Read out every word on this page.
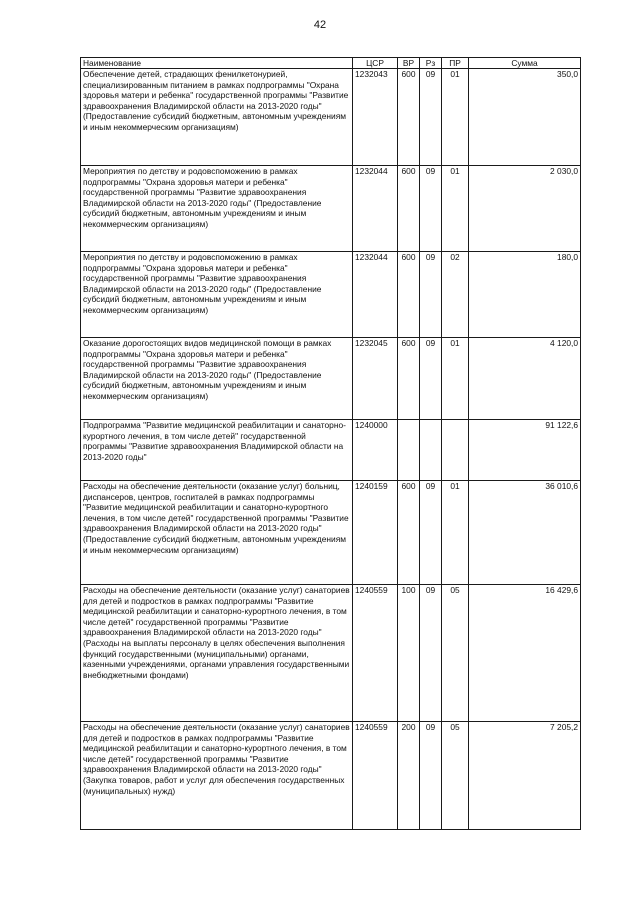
42
Наименование	ЦСР	ВР	Рз	ПР	Сумма
Обеспечение детей, страдающих фенилкетонурией, специализированным питанием в рамках подпрограммы "Охрана здоровья матери и ребенка" государственной программы "Развитие здравоохранения Владимирской области на 2013-2020 годы" (Предоставление субсидий бюджетным, автономным учреждениям и иным некоммерческим организациям)	1232043	600	09	01	350,0
Мероприятия по детству и родовспоможению в рамках подпрограммы "Охрана здоровья матери и ребенка" государственной программы "Развитие здравоохранения Владимирской области на 2013-2020 годы" (Предоставление субсидий бюджетным, автономным учреждениям и иным некоммерческим организациям)	1232044	600	09	01	2 030,0
Мероприятия по детству и родовспоможению в рамках подпрограммы "Охрана здоровья матери и ребенка" государственной программы "Развитие здравоохранения Владимирской области на 2013-2020 годы" (Предоставление субсидий бюджетным, автономным учреждениям и иным некоммерческим организациям)	1232044	600	09	02	180,0
Оказание дорогостоящих видов медицинской помощи в рамках подпрограммы "Охрана здоровья матери и ребенка" государственной программы "Развитие здравоохранения Владимирской области на 2013-2020 годы" (Предоставление субсидий бюджетным, автономным учреждениям и иным некоммерческим организациям)	1232045	600	09	01	4 120,0
Подпрограмма "Развитие медицинской реабилитации и санаторно-курортного лечения, в том числе детей" государственной программы "Развитие здравоохранения Владимирской области на 2013-2020 годы"	1240000				91 122,6
Расходы на обеспечение деятельности (оказание услуг) больниц, диспансеров, центров, госпиталей в рамках подпрограммы "Развитие медицинской реабилитации и санаторно-курортного лечения, в том числе детей" государственной программы "Развитие здравоохранения Владимирской области на 2013-2020 годы" (Предоставление субсидий бюджетным, автономным учреждениям и иным некоммерческим организациям)	1240159	600	09	01	36 010,6
Расходы на обеспечение деятельности (оказание услуг) санаториев для детей и подростков в рамках подпрограммы "Развитие медицинской реабилитации и санаторно-курортного лечения, в том числе детей" государственной программы "Развитие здравоохранения Владимирской области на 2013-2020 годы" (Расходы на выплаты персоналу в целях обеспечения выполнения функций государственными (муниципальными) органами, казенными учреждениями, органами управления государственными внебюджетными фондами)	1240559	100	09	05	16 429,6
Расходы на обеспечение деятельности (оказание услуг) санаториев для детей и подростков в рамках подпрограммы "Развитие медицинской реабилитации и санаторно-курортного лечения, в том числе детей" государственной программы "Развитие здравоохранения Владимирской области на 2013-2020 годы" (Закупка товаров, работ и услуг для обеспечения государственных (муниципальных) нужд)	1240559	200	09	05	7 205,2
